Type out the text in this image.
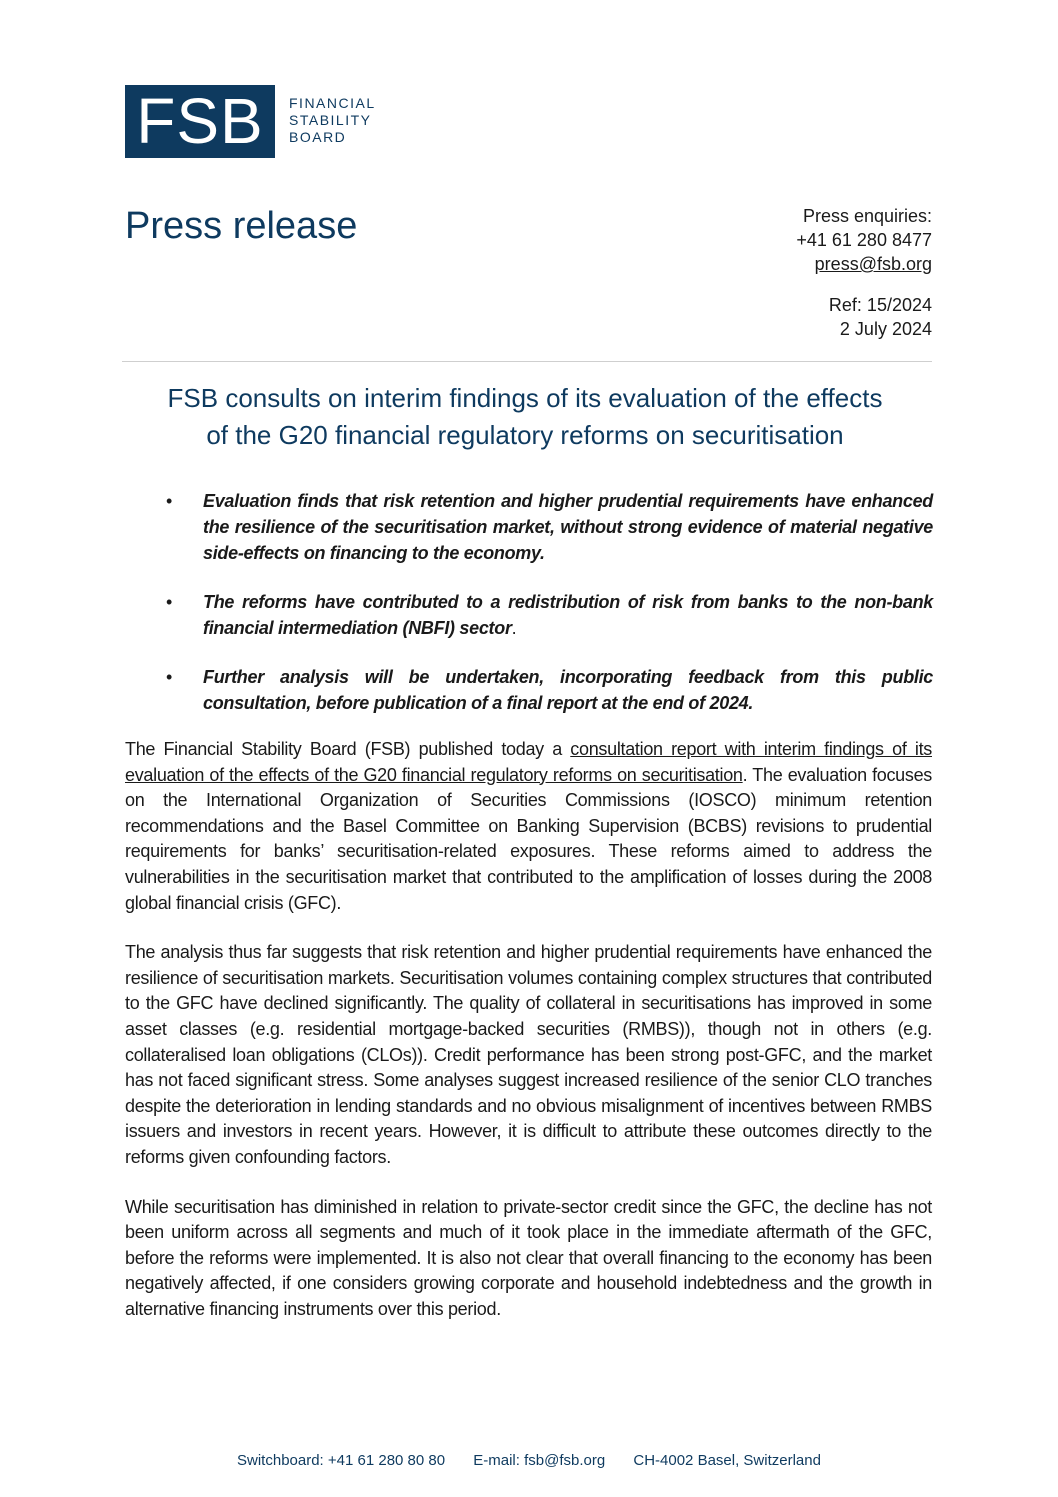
FSB	FINANCIAL
STABILITY
BOARD
Press release	Press enquiries:
+41 61 280 8477
press@fsb.org
Ref: 15/2024
2 July 2024
FSB consults on interim findings of its evaluation of the effects
of the G20 financial regulatory reforms on securitisation
• Evaluation finds that risk retention and higher prudential requirements have enhanced the resilience of the securitisation market, without strong evidence of material negative side-effects on financing to the economy.
• The reforms have contributed to a redistribution of risk from banks to the non-bank financial intermediation (NBFI) sector.
• Further analysis will be undertaken, incorporating feedback from this public consultation, before publication of a final report at the end of 2024.

The Financial Stability Board (FSB) published today a consultation report with interim findings of its evaluation of the effects of the G20 financial regulatory reforms on securitisation. The evaluation focuses on the International Organization of Securities Commissions (IOSCO) minimum retention recommendations and the Basel Committee on Banking Supervision (BCBS) revisions to prudential requirements for banks’ securitisation-related exposures. These reforms aimed to address the vulnerabilities in the securitisation market that contributed to the amplification of losses during the 2008 global financial crisis (GFC).

The analysis thus far suggests that risk retention and higher prudential requirements have enhanced the resilience of securitisation markets. Securitisation volumes containing complex structures that contributed to the GFC have declined significantly. The quality of collateral in securitisations has improved in some asset classes (e.g. residential mortgage-backed securities (RMBS)), though not in others (e.g. collateralised loan obligations (CLOs)). Credit performance has been strong post-GFC, and the market has not faced significant stress. Some analyses suggest increased resilience of the senior CLO tranches despite the deterioration in lending standards and no obvious misalignment of incentives between RMBS issuers and investors in recent years. However, it is difficult to attribute these outcomes directly to the reforms given confounding factors.

While securitisation has diminished in relation to private-sector credit since the GFC, the decline has not been uniform across all segments and much of it took place in the immediate aftermath of the GFC, before the reforms were implemented. It is also not clear that overall financing to the economy has been negatively affected, if one considers growing corporate and household indebtedness and the growth in alternative financing instruments over this period.

Switchboard: +41 61 280 80 80 E-mail: fsb@fsb.org CH-4002 Basel, Switzerland
